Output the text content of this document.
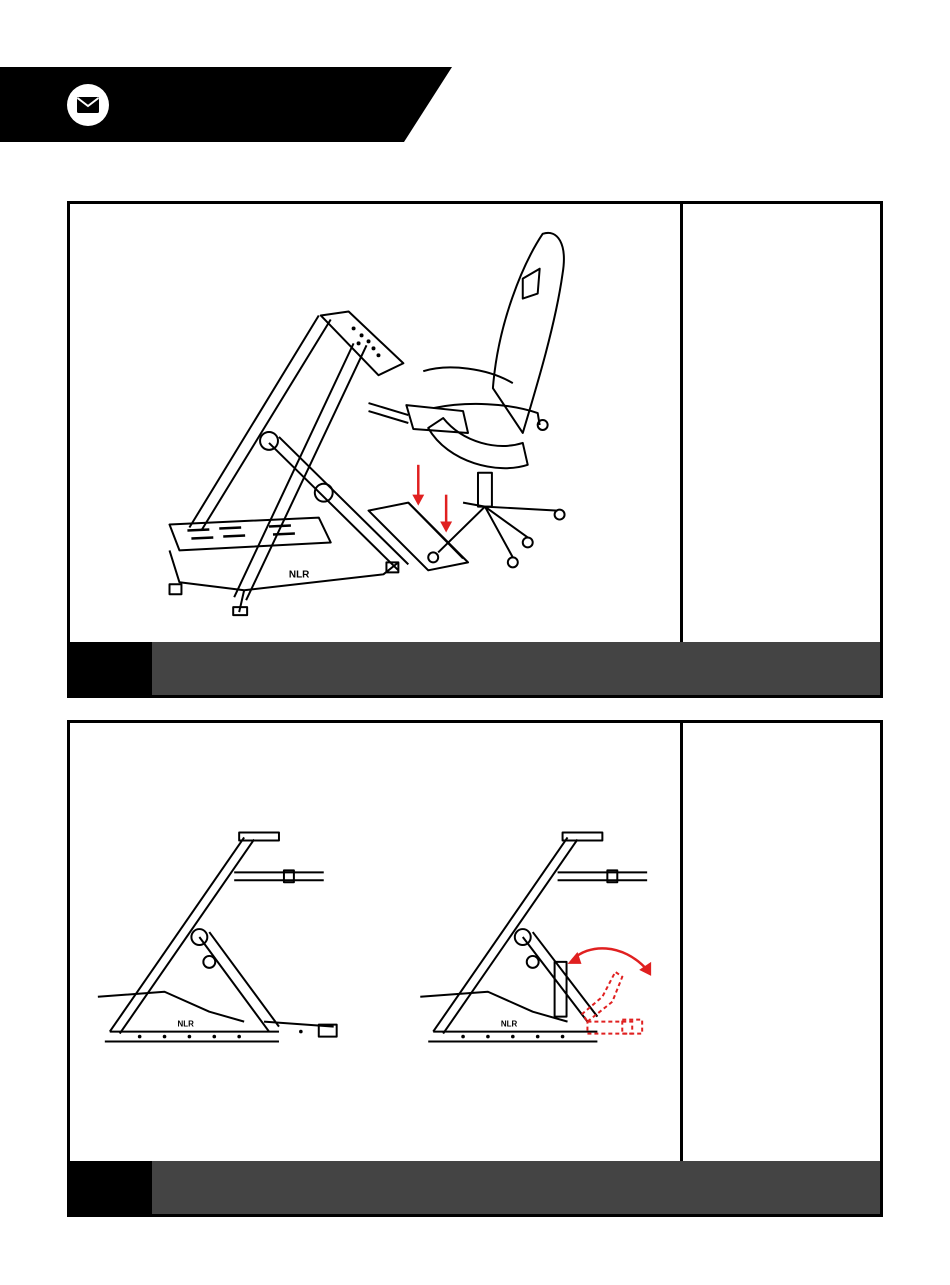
NLR
NLR	NLR
